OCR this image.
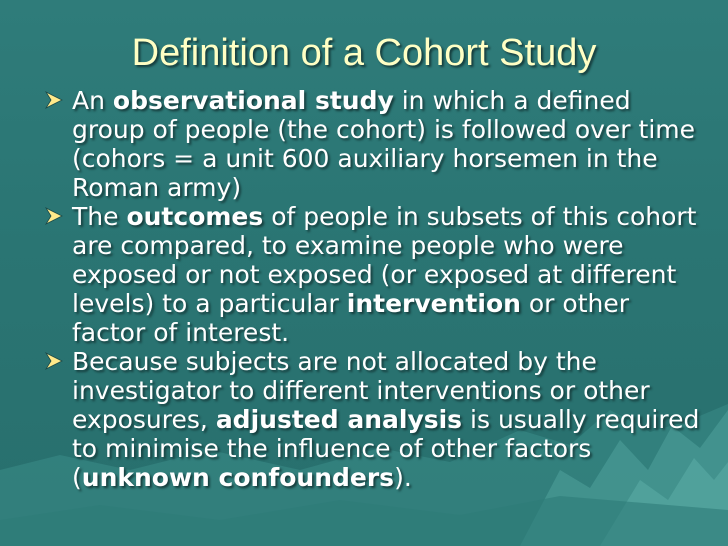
Definition of a Cohort Study
An observational study in which a defined group of people (the cohort) is followed over time (cohors = a unit 600 auxiliary horsemen in the Roman army)
The outcomes of people in subsets of this cohort are compared, to examine people who were exposed or not exposed (or exposed at different levels) to a particular intervention or other factor of interest.
Because subjects are not allocated by the investigator to different interventions or other exposures, adjusted analysis is usually required to minimise the influence of other factors (unknown confounders).
